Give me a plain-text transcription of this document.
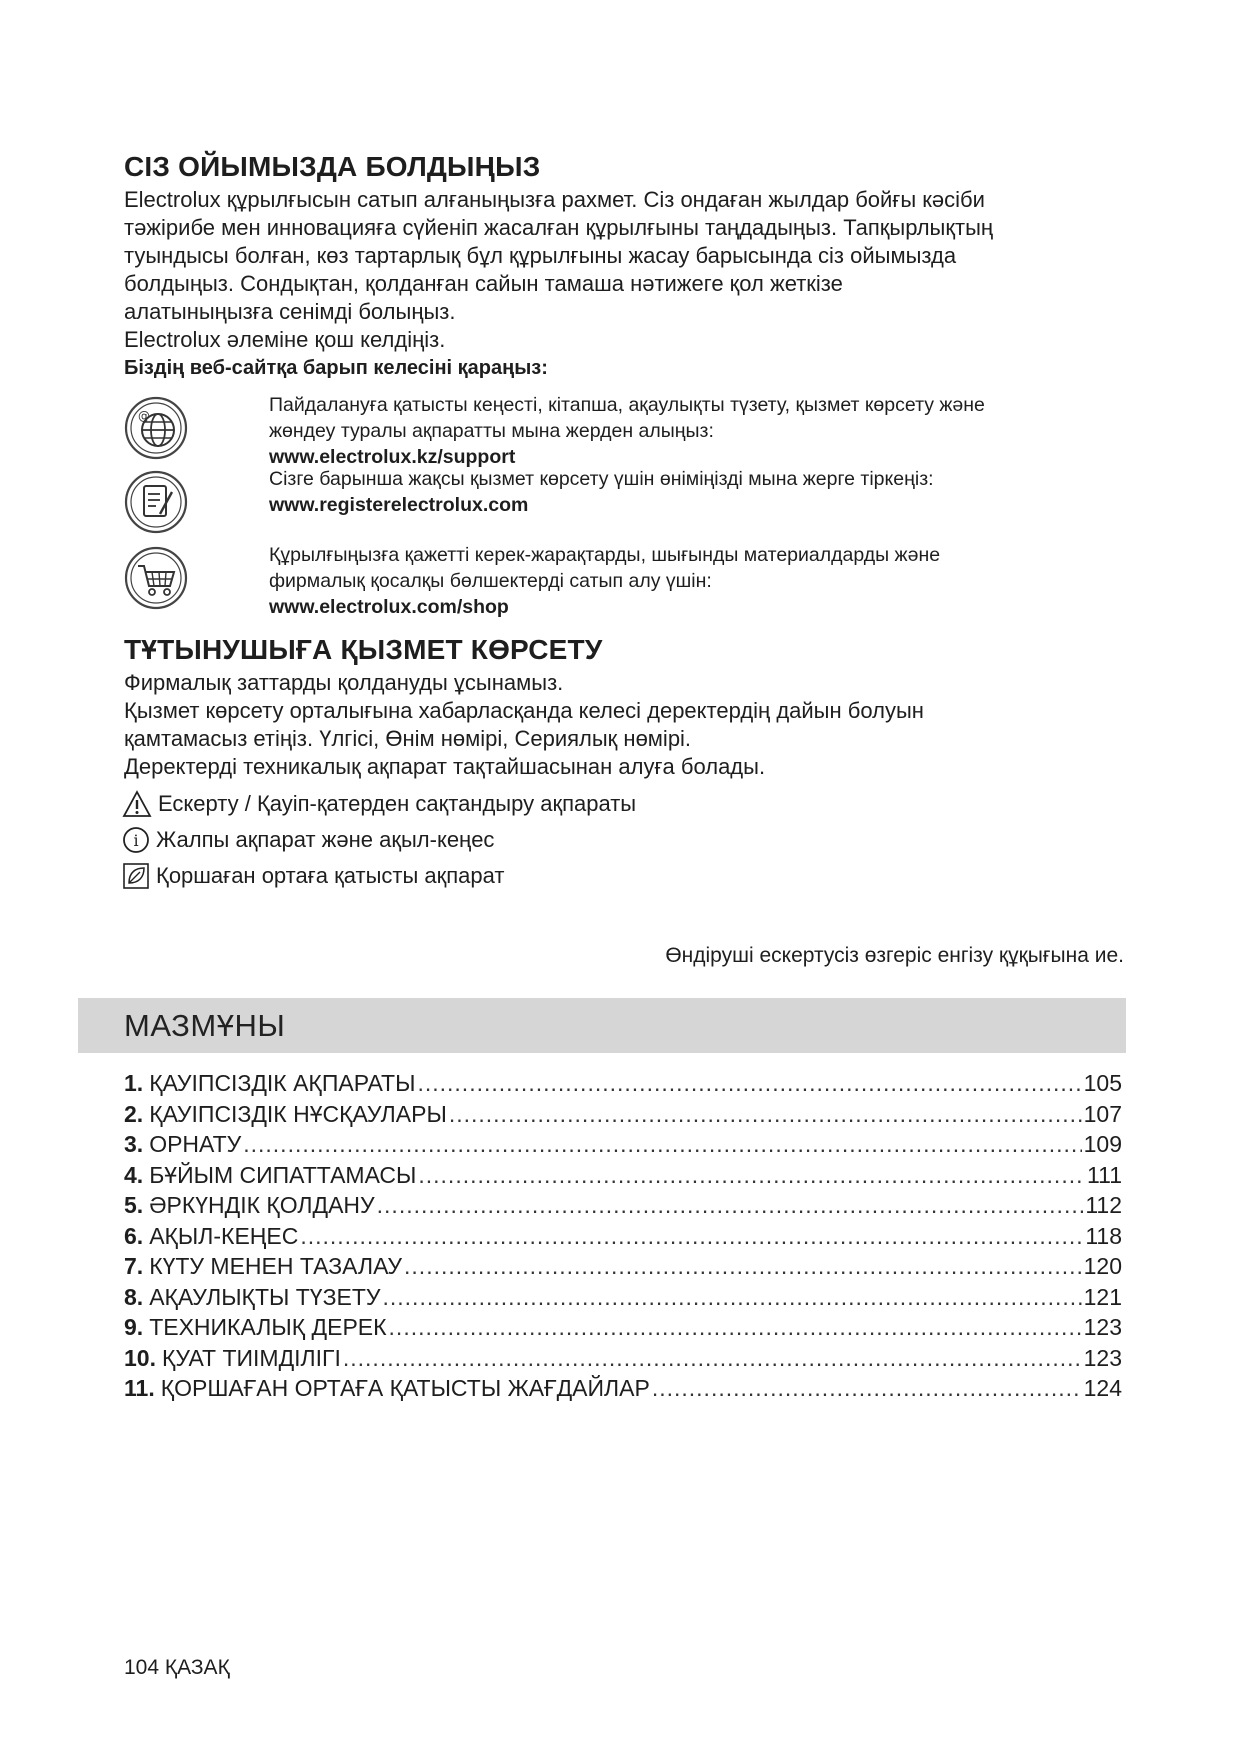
СІЗ ОЙЫМЫЗДА БОЛДЫҢЫЗ
Electrolux құрылғысын сатып алғаныңызға рахмет. Сіз ондаған жылдар бойғы кәсіби
тәжірибе мен инновацияға сүйеніп жасалған құрылғыны таңдадыңыз. Тапқырлықтың
туындысы болған, көз тартарлық бұл құрылғыны жасау барысында сіз ойымызда
болдыңыз. Сондықтан, қолданған сайын тамаша нәтижеге қол жеткізе
алатыныңызға сенімді болыңыз.
Electrolux әлеміне қош келдіңіз.
Біздің веб-сайтқа барып келесіні қараңыз:
@	Пайдалануға қатысты кеңесті, кітапша, ақаулықты түзету, қызмет көрсету және
жөндеу туралы ақпаратты мына жерден алыңыз:
www.electrolux.kz/support
Сізге барынша жақсы қызмет көрсету үшін өніміңізді мына жерге тіркеңіз:
www.registerelectrolux.com
Құрылғыңызға қажетті керек-жарақтарды, шығынды материалдарды және
фирмалық қосалқы бөлшектерді сатып алу үшін:
www.electrolux.com/shop
ТҰТЫНУШЫҒА ҚЫЗМЕТ КӨРСЕТУ
Фирмалық заттарды қолдануды ұсынамыз.
Қызмет көрсету орталығына хабарласқанда келесі деректердің дайын болуын
қамтамасыз етіңіз. Үлгісі, Өнім нөмірі, Сериялық нөмірі.
Деректерді техникалық ақпарат тақтайшасынан алуға болады.
Ескерту / Қауіп-қатерден сақтандыру ақпараты
i Жалпы ақпарат және ақыл-кеңес
Қоршаған ортаға қатысты ақпарат
Өндіруші ескертусіз өзгеріс енгізу құқығына ие.
МАЗМҰНЫ
1. ҚАУІПСІЗДІК АҚПАРАТЫ .....	105
2. ҚАУІПСІЗДІК НҰСҚАУЛАРЫ .....	107
3. ОРНАТУ .....	109
4. БҰЙЫМ СИПАТТАМАСЫ .....	111
5. ӘРКҮНДІК ҚОЛДАНУ .....	112
6. АҚЫЛ-КЕҢЕС .....	118
7. КҮТУ МЕНЕН ТАЗАЛАУ .....	120
8. АҚАУЛЫҚТЫ ТҮЗЕТУ .....	121
9. ТЕХНИКАЛЫҚ ДЕРЕК .....	123
10. ҚУАТ ТИІМДІЛІГІ .....	123
11. ҚОРШАҒАН ОРТАҒА ҚАТЫСТЫ ЖАҒДАЙЛАР .....	124
104 ҚАЗАҚ
